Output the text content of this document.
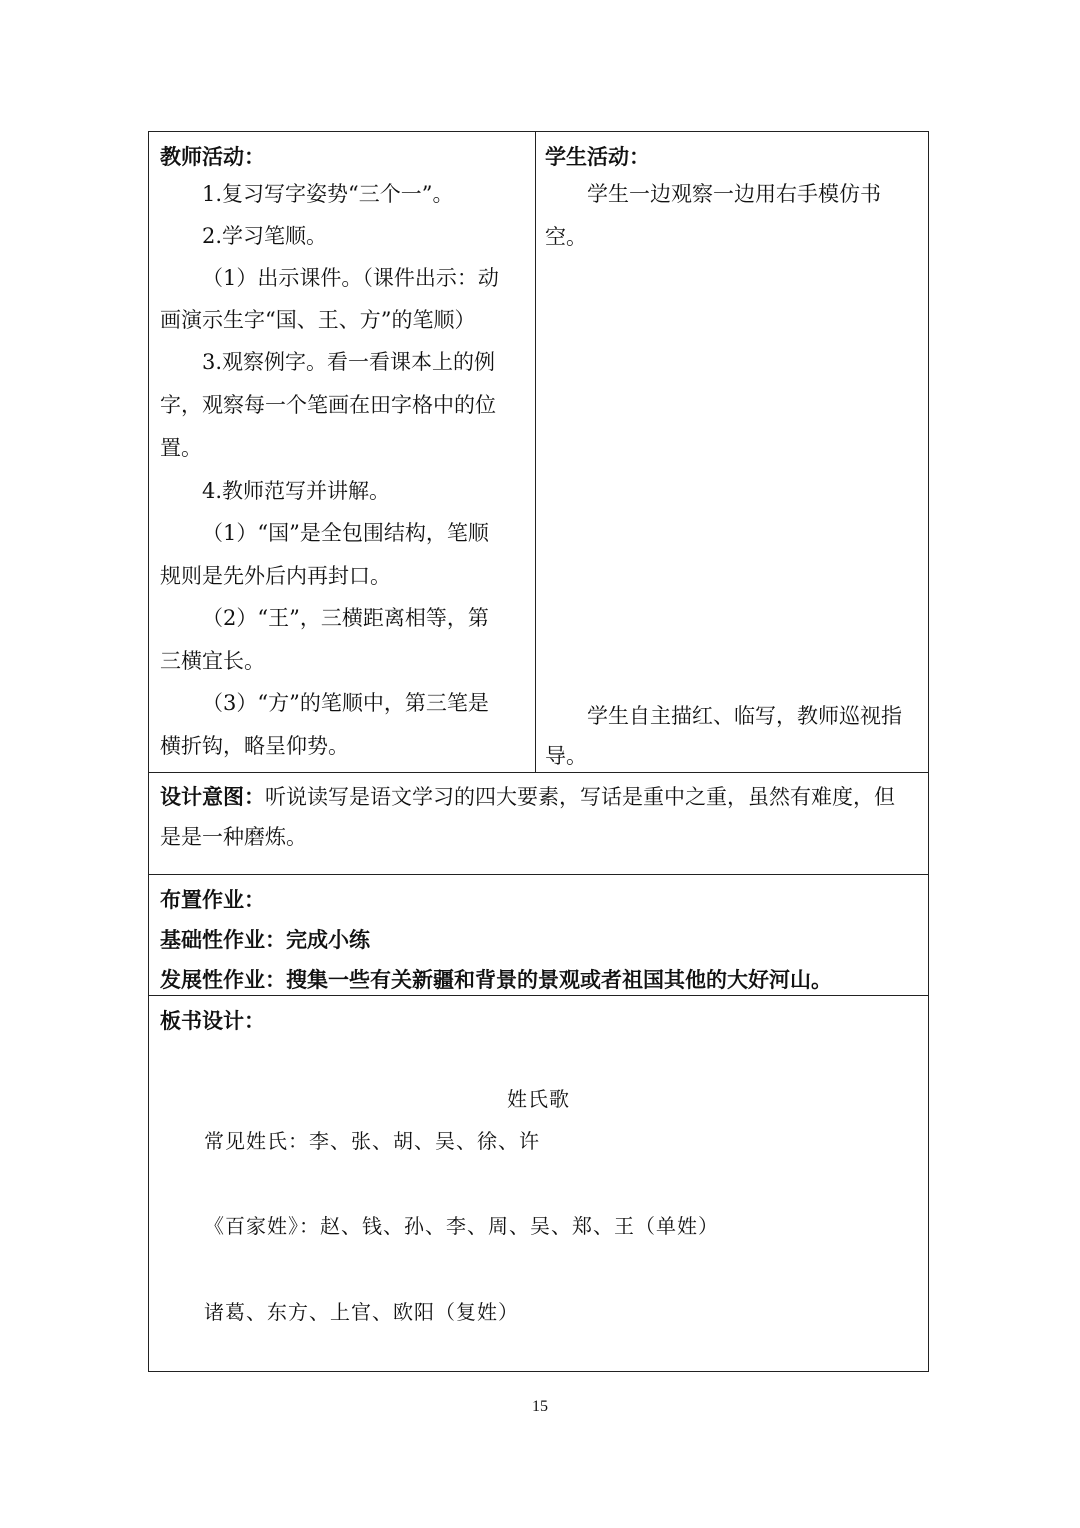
教师活动：
1.复习写字姿势“三个一”。
2.学习笔顺。
（1）出示课件。（课件出示：动
画演示生字“国、王、方”的笔顺）
3.观察例字。看一看课本上的例
字，观察每一个笔画在田字格中的位
置。
4.教师范写并讲解。
（1）“国”是全包围结构，笔顺
规则是先外后内再封口。
（2）“王”，三横距离相等，第
三横宜长。
（3）“方”的笔顺中，第三笔是
横折钩，略呈仰势。
学生活动：
学生一边观察一边用右手模仿书
空。
学生自主描红、临写，教师巡视指
导。
设计意图：听说读写是语文学习的四大要素，写话是重中之重，虽然有难度，但
是是一种磨炼。
布置作业：
基础性作业：完成小练
发展性作业：搜集一些有关新疆和背景的景观或者祖国其他的大好河山。
板书设计：
姓氏歌
常见姓氏：李、张、胡、吴、徐、许
《百家姓》：赵、钱、孙、李、周、吴、郑、王（单姓）
诸葛、东方、上官、欧阳（复姓）
15
